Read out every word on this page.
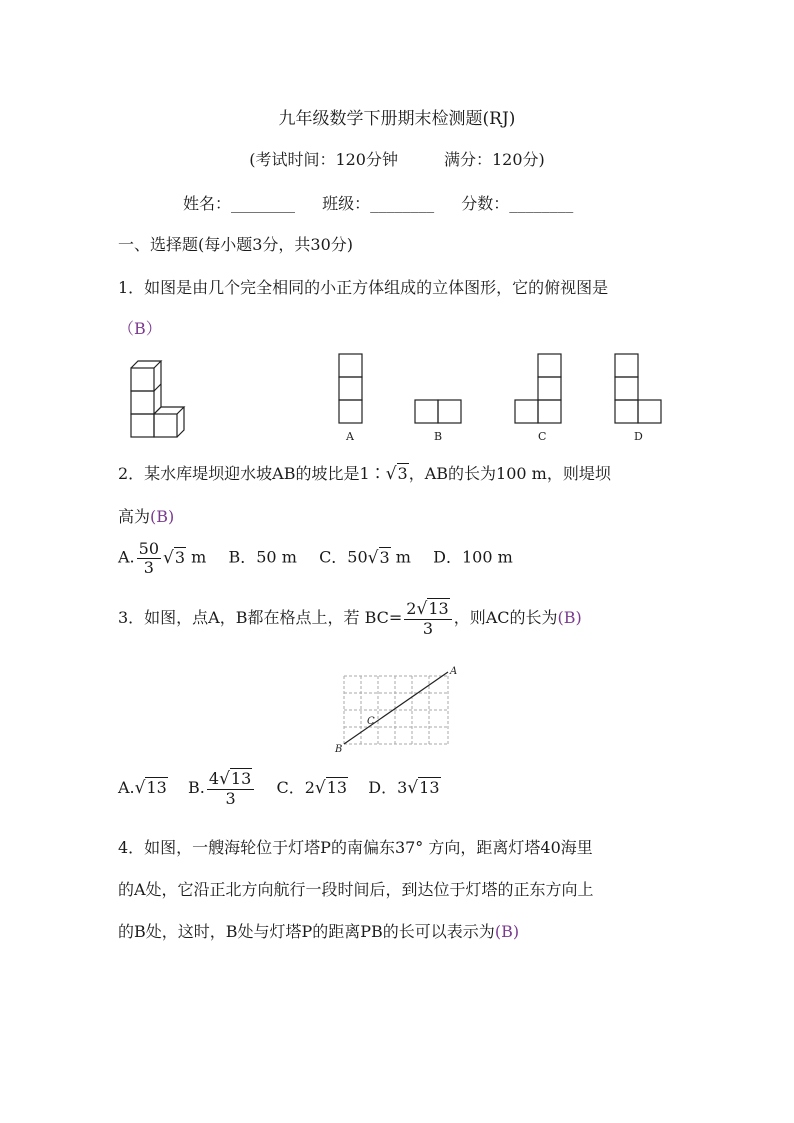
九年级数学下册期末检测题(RJ)
(考试时间：120分钟	满分：120分)
姓名：________ 班级：________ 分数：________
一、选择题(每小题3分，共30分)
1．如图是由几个完全相同的小正方体组成的立体图形，它的俯视图是
（B）
A	B	C	D
2．某水库堤坝迎水坡AB的坡比是1∶√3，AB的长为100 m，则堤坝
高为(B)
A. $\frac{50}{3} √3$ m B．50 m C．50√3 m D．100 m
3．如图，点A，B都在格点上，若 $BC= \frac{2√13}{3}$ ，则AC的长为(B)
A
B
C
A.√13 B. $\frac{4√13}{3}$ C．2√13 D．3√13
4．如图，一艘海轮位于灯塔P的南偏东37° 方向，距离灯塔40海里
的A处，它沿正北方向航行一段时间后，到达位于灯塔的正东方向上
的B处，这时，B处与灯塔P的距离PB的长可以表示为(B)
